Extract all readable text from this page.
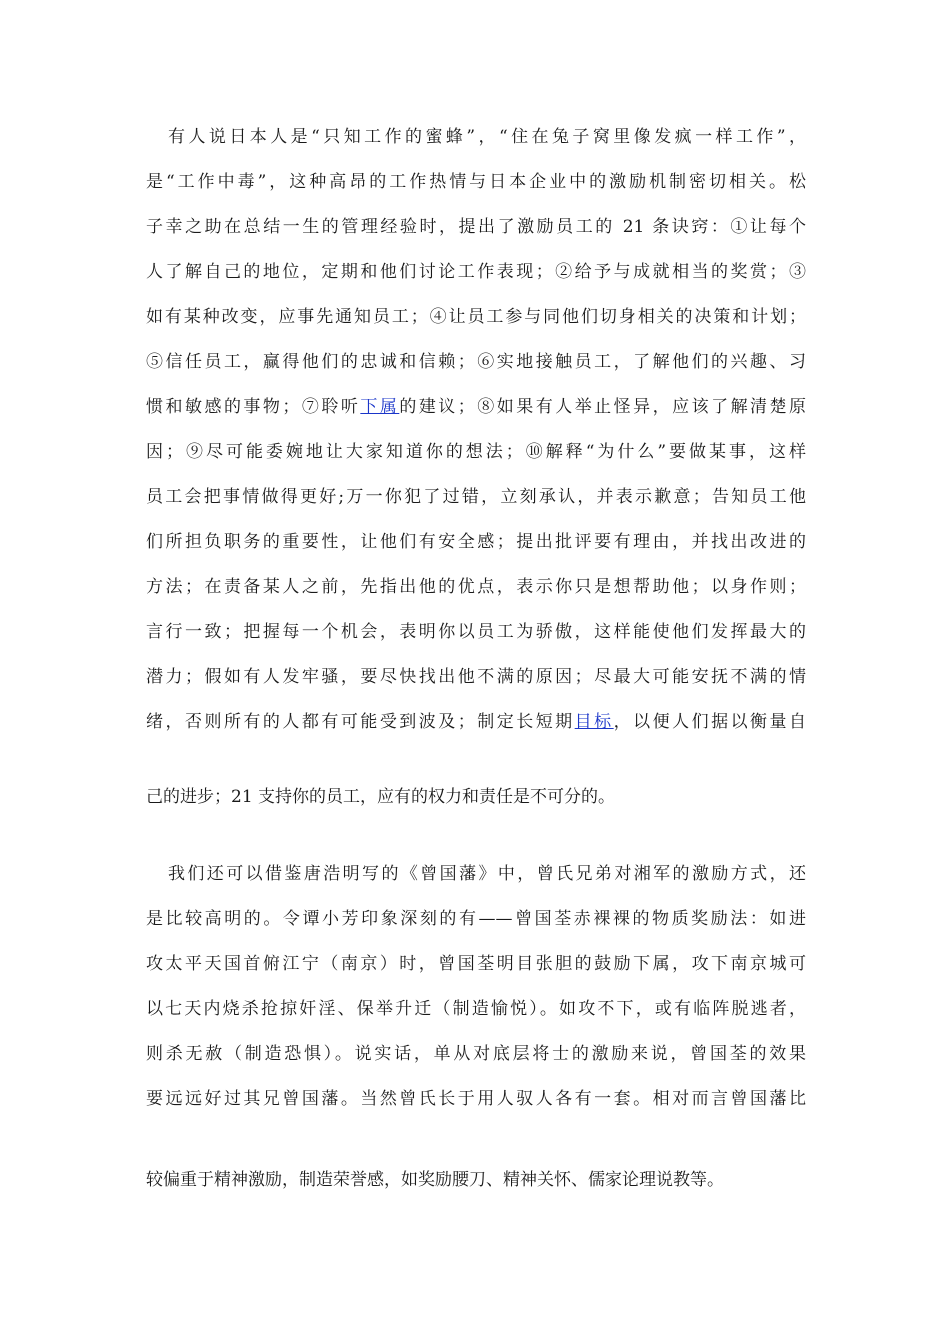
有人说日本人是“只知工作的蜜蜂”，“住在兔子窝里像发疯一样工作”，
是“工作中毒”，这种高昂的工作热情与日本企业中的激励机制密切相关。松
子幸之助在总结一生的管理经验时，提出了激励员工的 21 条诀窍：①让每个
人了解自己的地位，定期和他们讨论工作表现；②给予与成就相当的奖赏；③
如有某种改变，应事先通知员工；④让员工参与同他们切身相关的决策和计划；
⑤信任员工，赢得他们的忠诚和信赖；⑥实地接触员工，了解他们的兴趣、习
惯和敏感的事物；⑦聆听下属的建议；⑧如果有人举止怪异，应该了解清楚原
因；⑨尽可能委婉地让大家知道你的想法；⑩解释“为什么”要做某事，这样
员工会把事情做得更好;万一你犯了过错，立刻承认，并表示歉意；告知员工他
们所担负职务的重要性，让他们有安全感；提出批评要有理由，并找出改进的
方法；在责备某人之前，先指出他的优点，表示你只是想帮助他；以身作则；
言行一致；把握每一个机会，表明你以员工为骄傲，这样能使他们发挥最大的
潜力；假如有人发牢骚，要尽快找出他不满的原因；尽最大可能安抚不满的情
绪，否则所有的人都有可能受到波及；制定长短期目标，以便人们据以衡量自
己的进步；21 支持你的员工，应有的权力和责任是不可分的。
我们还可以借鉴唐浩明写的《曾国藩》中，曾氏兄弟对湘军的激励方式，还
是比较高明的。令谭小芳印象深刻的有——曾国荃赤裸裸的物质奖励法：如进
攻太平天国首俯江宁（南京）时，曾国荃明目张胆的鼓励下属，攻下南京城可
以七天内烧杀抢掠奸淫、保举升迁（制造愉悦）。如攻不下，或有临阵脱逃者，
则杀无赦（制造恐惧）。说实话，单从对底层将士的激励来说，曾国荃的效果
要远远好过其兄曾国藩。当然曾氏长于用人驭人各有一套。相对而言曾国藩比
较偏重于精神激励，制造荣誉感，如奖励腰刀、精神关怀、儒家论理说教等。
